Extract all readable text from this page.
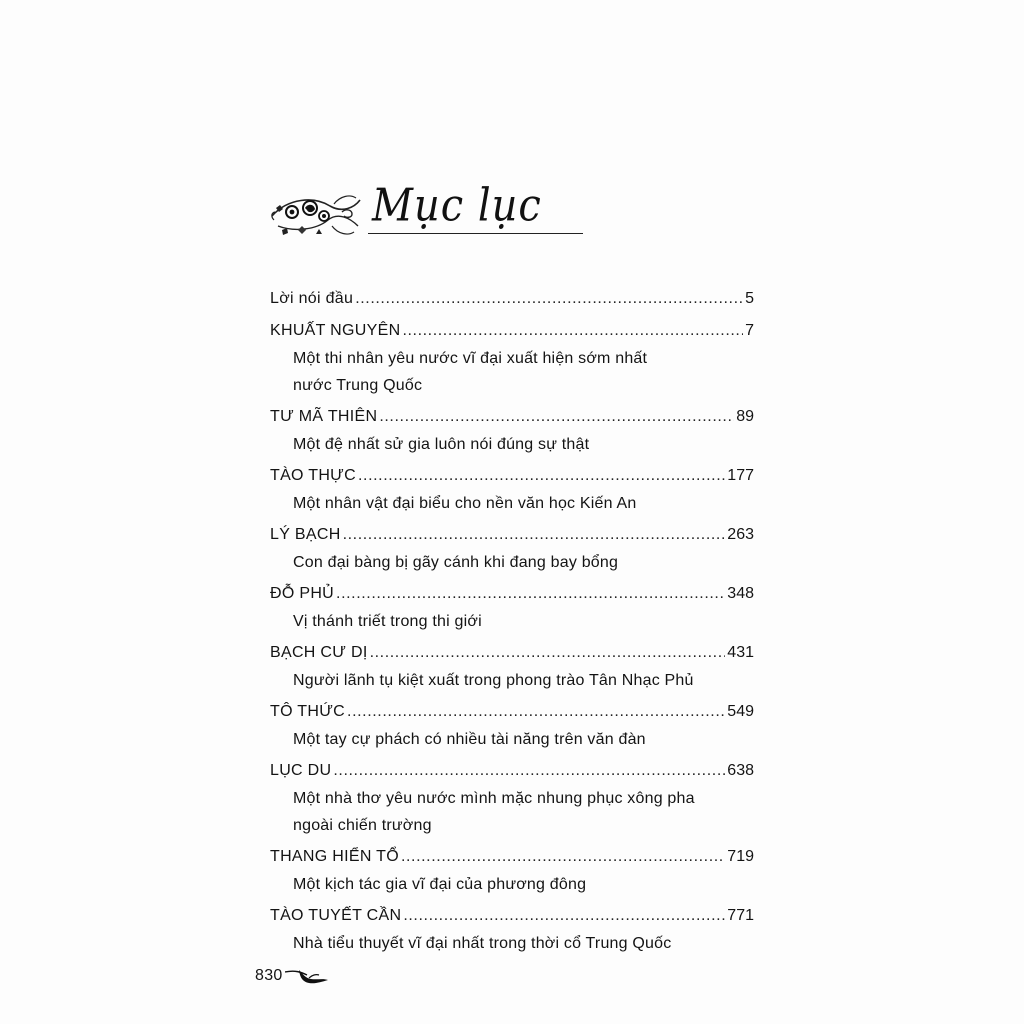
Mục lục
Lời nói đầu .....	5
KHUẤT NGUYÊN .....	7
Một thi nhân yêu nước vĩ đại xuất hiện sớm nhất
nước Trung Quốc
TƯ MÃ THIÊN .....	89
Một đệ nhất sử gia luôn nói đúng sự thật
TÀO THỰC .....	177
Một nhân vật đại biểu cho nền văn học Kiến An
LÝ BẠCH .....	263
Con đại bàng bị gãy cánh khi đang bay bổng
ĐỖ PHỦ .....	348
Vị thánh triết trong thi giới
BẠCH CƯ DỊ .....	431
Người lãnh tụ kiệt xuất trong phong trào Tân Nhạc Phủ
TÔ THỨC .....	549
Một tay cự phách có nhiều tài năng trên văn đàn
LỤC DU .....	638
Một nhà thơ yêu nước mình mặc nhung phục xông pha
ngoài chiến trường
THANG HIỂN TỔ .....	719
Một kịch tác gia vĩ đại của phương đông
TÀO TUYẾT CẦN .....	771
Nhà tiểu thuyết vĩ đại nhất trong thời cổ Trung Quốc
830
